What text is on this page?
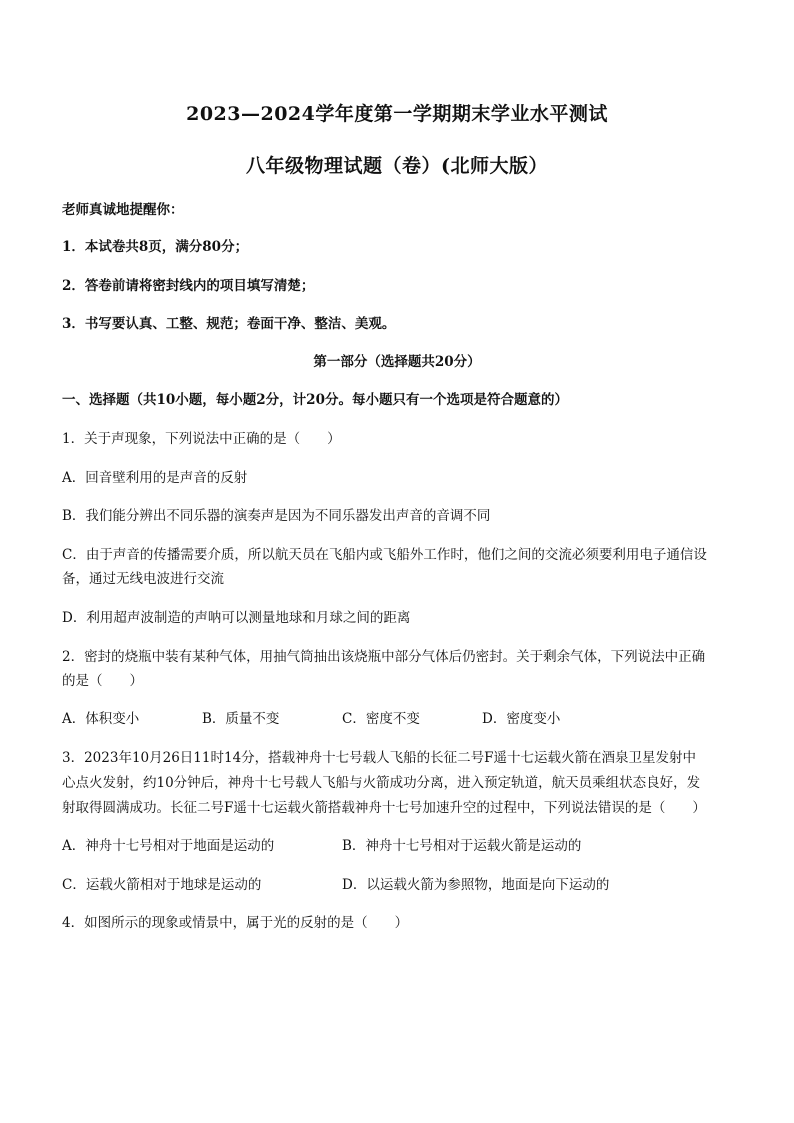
2023—2024学年度第一学期期末学业水平测试
八年级物理试题（卷）(北师大版）
老师真诚地提醒你：
1．本试卷共8页，满分80分；
2．答卷前请将密封线内的项目填写清楚；
3．书写要认真、工整、规范；卷面干净、整洁、美观。
第一部分（选择题共20分）
一、选择题（共10小题，每小题2分，计20分。每小题只有一个选项是符合题意的）
1．关于声现象，下列说法中正确的是（　　）
A．回音壁利用的是声音的反射
B．我们能分辨出不同乐器的演奏声是因为不同乐器发出声音的音调不同
C．由于声音的传播需要介质，所以航天员在飞船内或飞船外工作时，他们之间的交流必须要利用电子通信设
备，通过无线电波进行交流
D．利用超声波制造的声呐可以测量地球和月球之间的距离
2．密封的烧瓶中装有某种气体，用抽气筒抽出该烧瓶中部分气体后仍密封。关于剩余气体，下列说法中正确
的是（　　）
A．体积变小	B．质量不变	C．密度不变	D．密度变小
3．2023年10月26日11时14分，搭载神舟十七号载人飞船的长征二号F遥十七运载火箭在酒泉卫星发射中
心点火发射，约10分钟后，神舟十七号载人飞船与火箭成功分离，进入预定轨道，航天员乘组状态良好，发
射取得圆满成功。长征二号F遥十七运载火箭搭载神舟十七号加速升空的过程中，下列说法错误的是（　　）
A．神舟十七号相对于地面是运动的	B．神舟十七号相对于运载火箭是运动的
C．运载火箭相对于地球是运动的	D．以运载火箭为参照物，地面是向下运动的
4．如图所示的现象或情景中，属于光的反射的是（　　）
